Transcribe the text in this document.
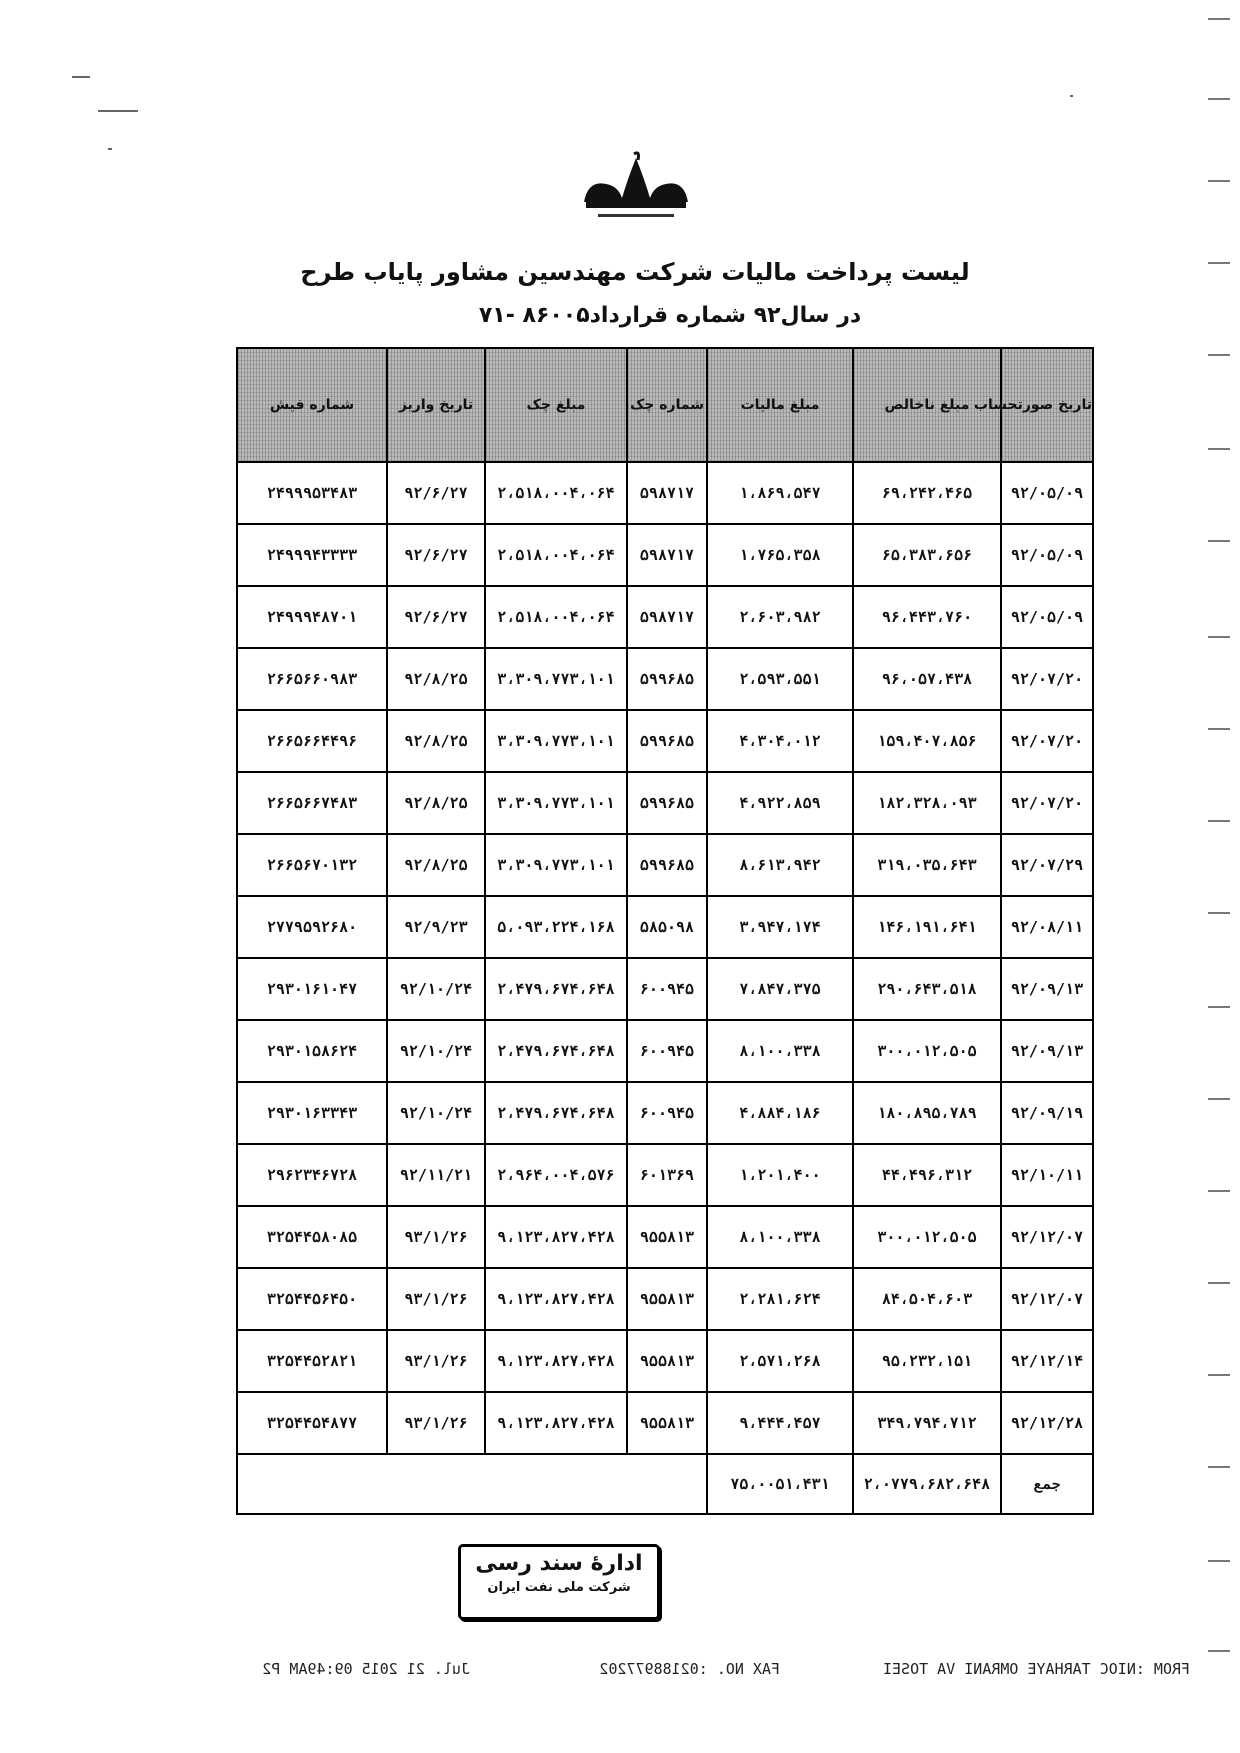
لیست پرداخت مالیات شرکت مهندسین مشاور پایاب طرح
در سال۹۲ شماره قرارداد۸۶۰۰۵ -۷۱
تاریخ صورتحساب	مبلغ ناخالص	مبلغ مالیات	شماره چک	مبلغ چک	تاریخ واریز	شماره فیش
۹۲/۰۵/۰۹	۶۹،۲۴۲،۴۶۵	۱،۸۶۹،۵۴۷	۵۹۸۷۱۷	۲،۵۱۸،۰۰۴،۰۶۴	۹۲/۶/۲۷	۲۴۹۹۹۵۳۴۸۳
۹۲/۰۵/۰۹	۶۵،۳۸۳،۶۵۶	۱،۷۶۵،۳۵۸	۵۹۸۷۱۷	۲،۵۱۸،۰۰۴،۰۶۴	۹۲/۶/۲۷	۲۴۹۹۹۴۳۳۳۳
۹۲/۰۵/۰۹	۹۶،۴۴۳،۷۶۰	۲،۶۰۳،۹۸۲	۵۹۸۷۱۷	۲،۵۱۸،۰۰۴،۰۶۴	۹۲/۶/۲۷	۲۴۹۹۹۴۸۷۰۱
۹۲/۰۷/۲۰	۹۶،۰۵۷،۴۳۸	۲،۵۹۳،۵۵۱	۵۹۹۶۸۵	۳،۳۰۹،۷۷۳،۱۰۱	۹۲/۸/۲۵	۲۶۶۵۶۶۰۹۸۳
۹۲/۰۷/۲۰	۱۵۹،۴۰۷،۸۵۶	۴،۳۰۴،۰۱۲	۵۹۹۶۸۵	۳،۳۰۹،۷۷۳،۱۰۱	۹۲/۸/۲۵	۲۶۶۵۶۶۴۴۹۶
۹۲/۰۷/۲۰	۱۸۲،۳۲۸،۰۹۳	۴،۹۲۲،۸۵۹	۵۹۹۶۸۵	۳،۳۰۹،۷۷۳،۱۰۱	۹۲/۸/۲۵	۲۶۶۵۶۶۷۴۸۳
۹۲/۰۷/۲۹	۳۱۹،۰۳۵،۶۴۳	۸،۶۱۳،۹۴۲	۵۹۹۶۸۵	۳،۳۰۹،۷۷۳،۱۰۱	۹۲/۸/۲۵	۲۶۶۵۶۷۰۱۳۲
۹۲/۰۸/۱۱	۱۴۶،۱۹۱،۶۴۱	۳،۹۴۷،۱۷۴	۵۸۵۰۹۸	۵،۰۹۳،۲۲۴،۱۶۸	۹۲/۹/۲۳	۲۷۷۹۵۹۲۶۸۰
۹۲/۰۹/۱۳	۲۹۰،۶۴۳،۵۱۸	۷،۸۴۷،۳۷۵	۶۰۰۹۴۵	۲،۴۷۹،۶۷۴،۶۴۸	۹۲/۱۰/۲۴	۲۹۳۰۱۶۱۰۴۷
۹۲/۰۹/۱۳	۳۰۰،۰۱۲،۵۰۵	۸،۱۰۰،۳۳۸	۶۰۰۹۴۵	۲،۴۷۹،۶۷۴،۶۴۸	۹۲/۱۰/۲۴	۲۹۳۰۱۵۸۶۲۴
۹۲/۰۹/۱۹	۱۸۰،۸۹۵،۷۸۹	۴،۸۸۴،۱۸۶	۶۰۰۹۴۵	۲،۴۷۹،۶۷۴،۶۴۸	۹۲/۱۰/۲۴	۲۹۳۰۱۶۳۳۴۳
۹۲/۱۰/۱۱	۴۴،۴۹۶،۳۱۲	۱،۲۰۱،۴۰۰	۶۰۱۳۶۹	۲،۹۶۴،۰۰۴،۵۷۶	۹۲/۱۱/۲۱	۲۹۶۲۳۴۶۷۲۸
۹۲/۱۲/۰۷	۳۰۰،۰۱۲،۵۰۵	۸،۱۰۰،۳۳۸	۹۵۵۸۱۳	۹،۱۲۳،۸۲۷،۴۲۸	۹۳/۱/۲۶	۳۲۵۴۴۵۸۰۸۵
۹۲/۱۲/۰۷	۸۴،۵۰۴،۶۰۳	۲،۲۸۱،۶۲۴	۹۵۵۸۱۳	۹،۱۲۳،۸۲۷،۴۲۸	۹۳/۱/۲۶	۳۲۵۴۴۵۶۴۵۰
۹۲/۱۲/۱۴	۹۵،۲۳۲،۱۵۱	۲،۵۷۱،۲۶۸	۹۵۵۸۱۳	۹،۱۲۳،۸۲۷،۴۲۸	۹۳/۱/۲۶	۳۲۵۴۴۵۲۸۲۱
۹۲/۱۲/۲۸	۳۴۹،۷۹۴،۷۱۲	۹،۴۴۴،۴۵۷	۹۵۵۸۱۳	۹،۱۲۳،۸۲۷،۴۲۸	۹۳/۱/۲۶	۳۲۵۴۴۵۴۸۷۷
جمع	۲،۰۷۷۹،۶۸۲،۶۴۸	۷۵،۰۰۵۱،۴۳۱				
ادارهٔ سند رسی
شرکت ملی نفت ایران
FROM :NIOC TARHAYE OMRANI VA TOSEI
FAX NO. :02188977202
Jul. 21 2015 09:49AM P2
